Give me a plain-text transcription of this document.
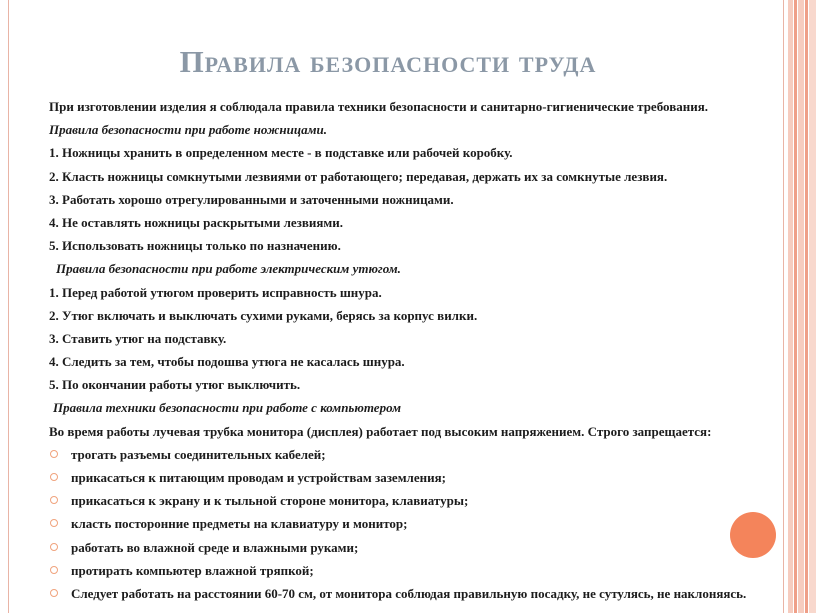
Правила безопасности труда
При изготовлении изделия я соблюдала правила техники безопасности и санитарно-гигиенические требования.
Правила безопасности при работе ножницами.
1. Ножницы хранить в определенном месте - в подставке или рабочей коробку.
2. Класть ножницы сомкнутыми лезвиями от работающего; передавая, держать их за сомкнутые лезвия.
3. Работать хорошо отрегулированными и заточенными ножницами.
4. Не оставлять ножницы раскрытыми лезвиями.
5. Использовать ножницы только по назначению.
Правила безопасности при работе электрическим утюгом.
1. Перед работой утюгом проверить исправность шнура.
2. Утюг включать и выключать сухими руками, берясь за корпус вилки.
3. Ставить утюг на подставку.
4. Следить за тем, чтобы подошва утюга не касалась шнура.
5. По окончании работы утюг выключить.
Правила техники безопасности при работе с компьютером
Во время работы лучевая трубка монитора (дисплея) работает под высоким напряжением. Строго запрещается:
трогать разъемы соединительных кабелей;
прикасаться к питающим проводам и устройствам заземления;
прикасаться к экрану и к тыльной стороне монитора, клавиатуры;
класть посторонние предметы на клавиатуру и монитор;
работать во влажной среде и влажными руками;
протирать компьютер влажной тряпкой;
Следует работать на расстоянии 60-70 см, от монитора соблюдая правильную посадку, не сутулясь, не наклоняясь.
